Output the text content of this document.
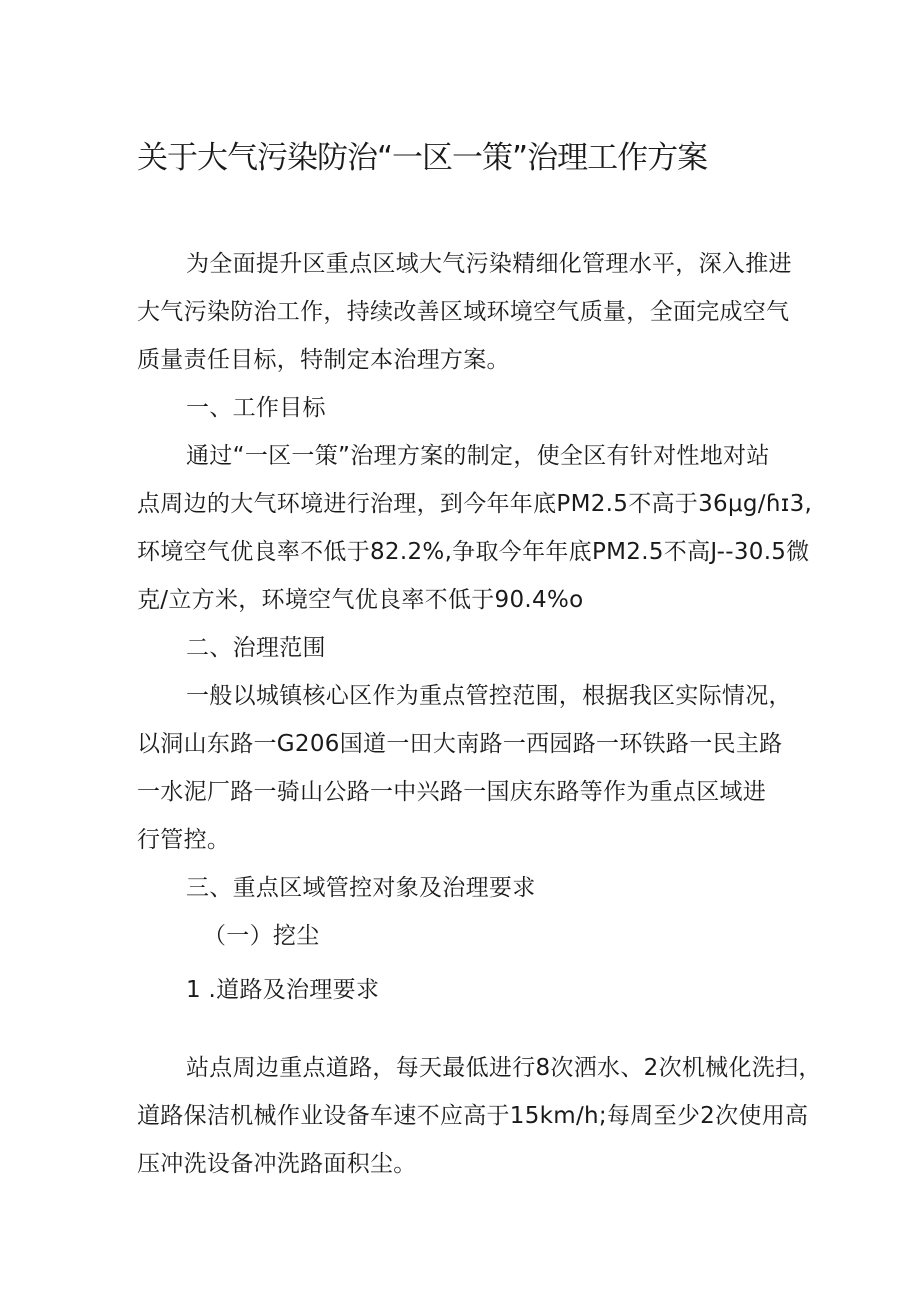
关于大气污染防治“一区一策”治理工作方案
为全面提升区重点区域大气污染精细化管理水平，深入推进
大气污染防治工作，持续改善区域环境空气质量，全面完成空气
质量责任目标，特制定本治理方案。
一、工作目标
通过“一区一策”治理方案的制定，使全区有针对性地对站
点周边的大气环境进行治理，到今年年底PM2.5不高于36μg∕ɦɪ3,
环境空气优良率不低于82.2%,争取今年年底PM2.5不高J--30.5微
克/立方米，环境空气优良率不低于90.4%o
二、治理范围
一般以城镇核心区作为重点管控范围，根据我区实际情况，
以洞山东路一G206国道一田大南路一西园路一环铁路一民主路
一水泥厂路一骑山公路一中兴路一国庆东路等作为重点区域进
行管控。
三、重点区域管控对象及治理要求
（一）挖尘
1 .道路及治理要求
站点周边重点道路，每天最低进行8次洒水、2次机械化洗扫，
道路保洁机械作业设备车速不应高于15km∕h;每周至少2次使用高
压冲洗设备冲洗路面积尘。
